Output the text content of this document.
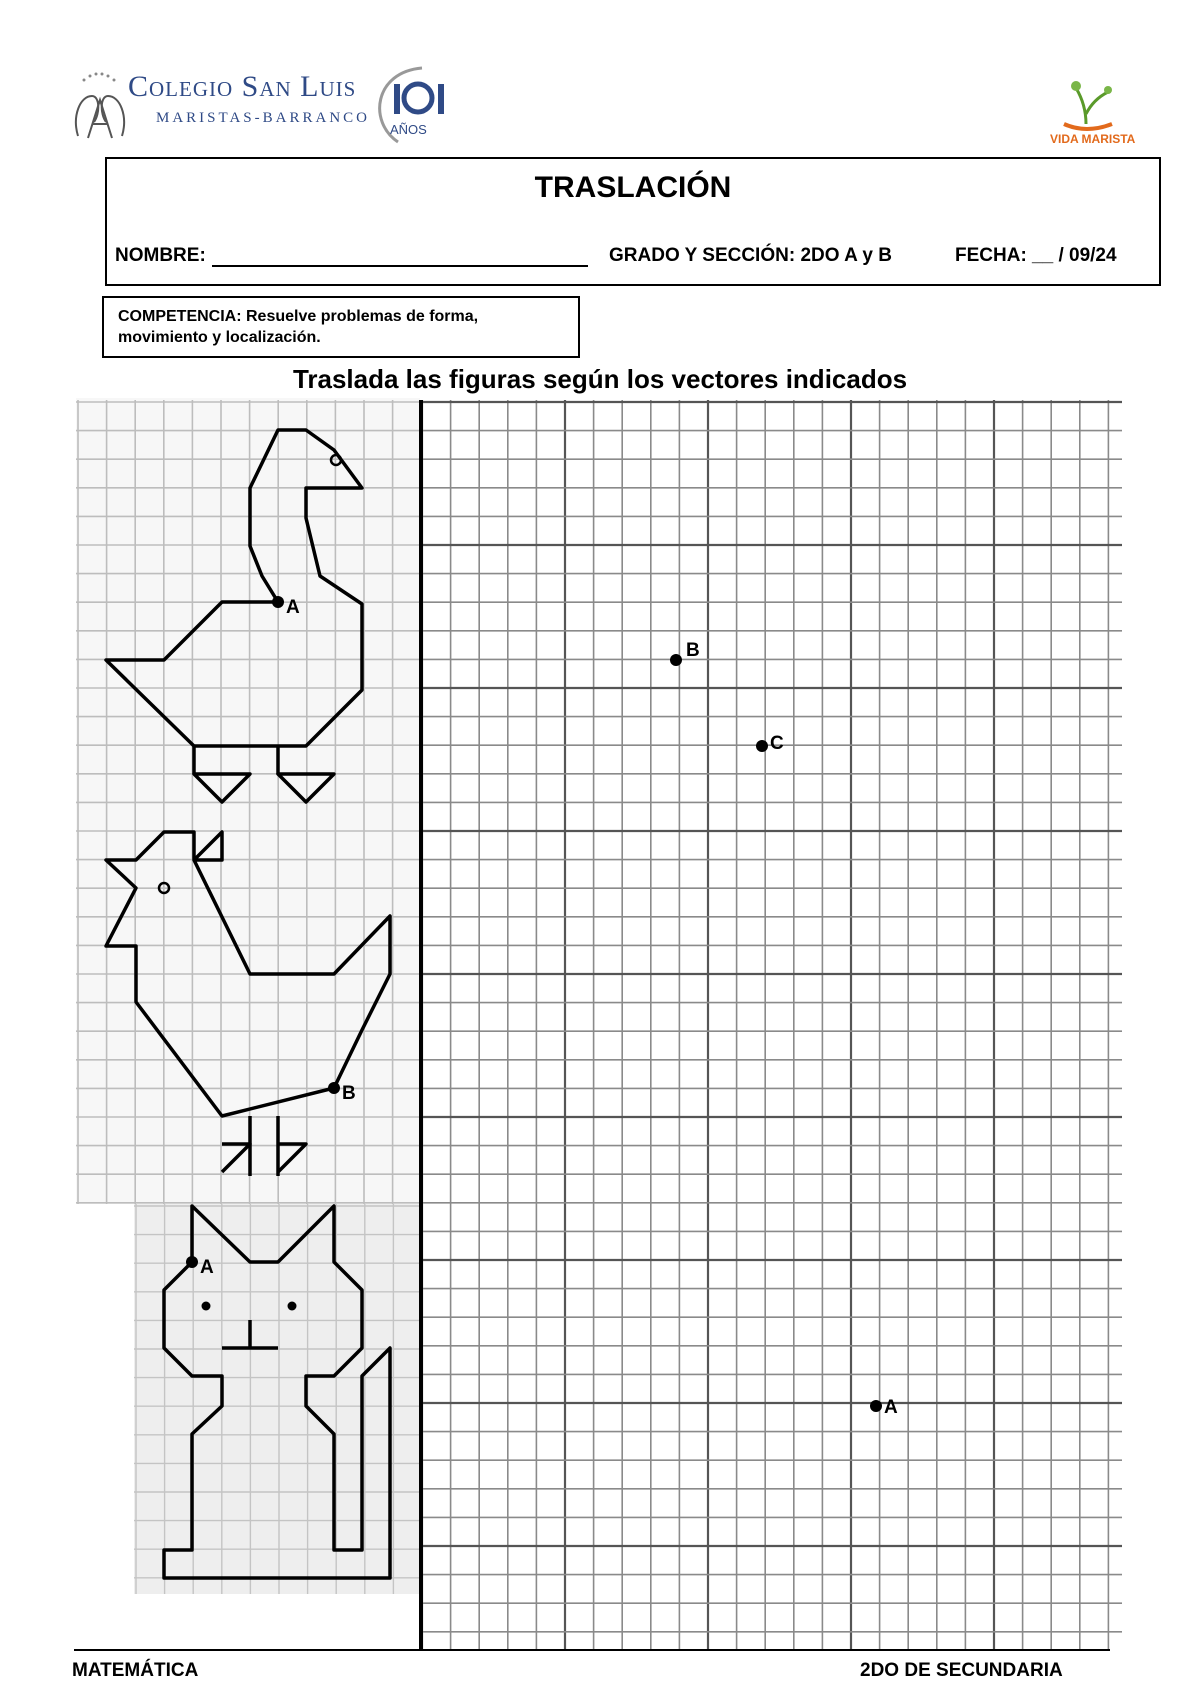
Colegio San Luis
MARISTAS-BARRANCO
AÑOS
VIDA MARISTA
TRASLACIÓN
NOMBRE:	GRADO Y SECCIÓN: 2DO A y B	FECHA: __ / 09/24
COMPETENCIA: Resuelve problemas de forma, movimiento y localización.
Traslada las figuras según los vectores indicados
A
B
A
B
C
A
MATEMÁTICA	2DO DE SECUNDARIA
